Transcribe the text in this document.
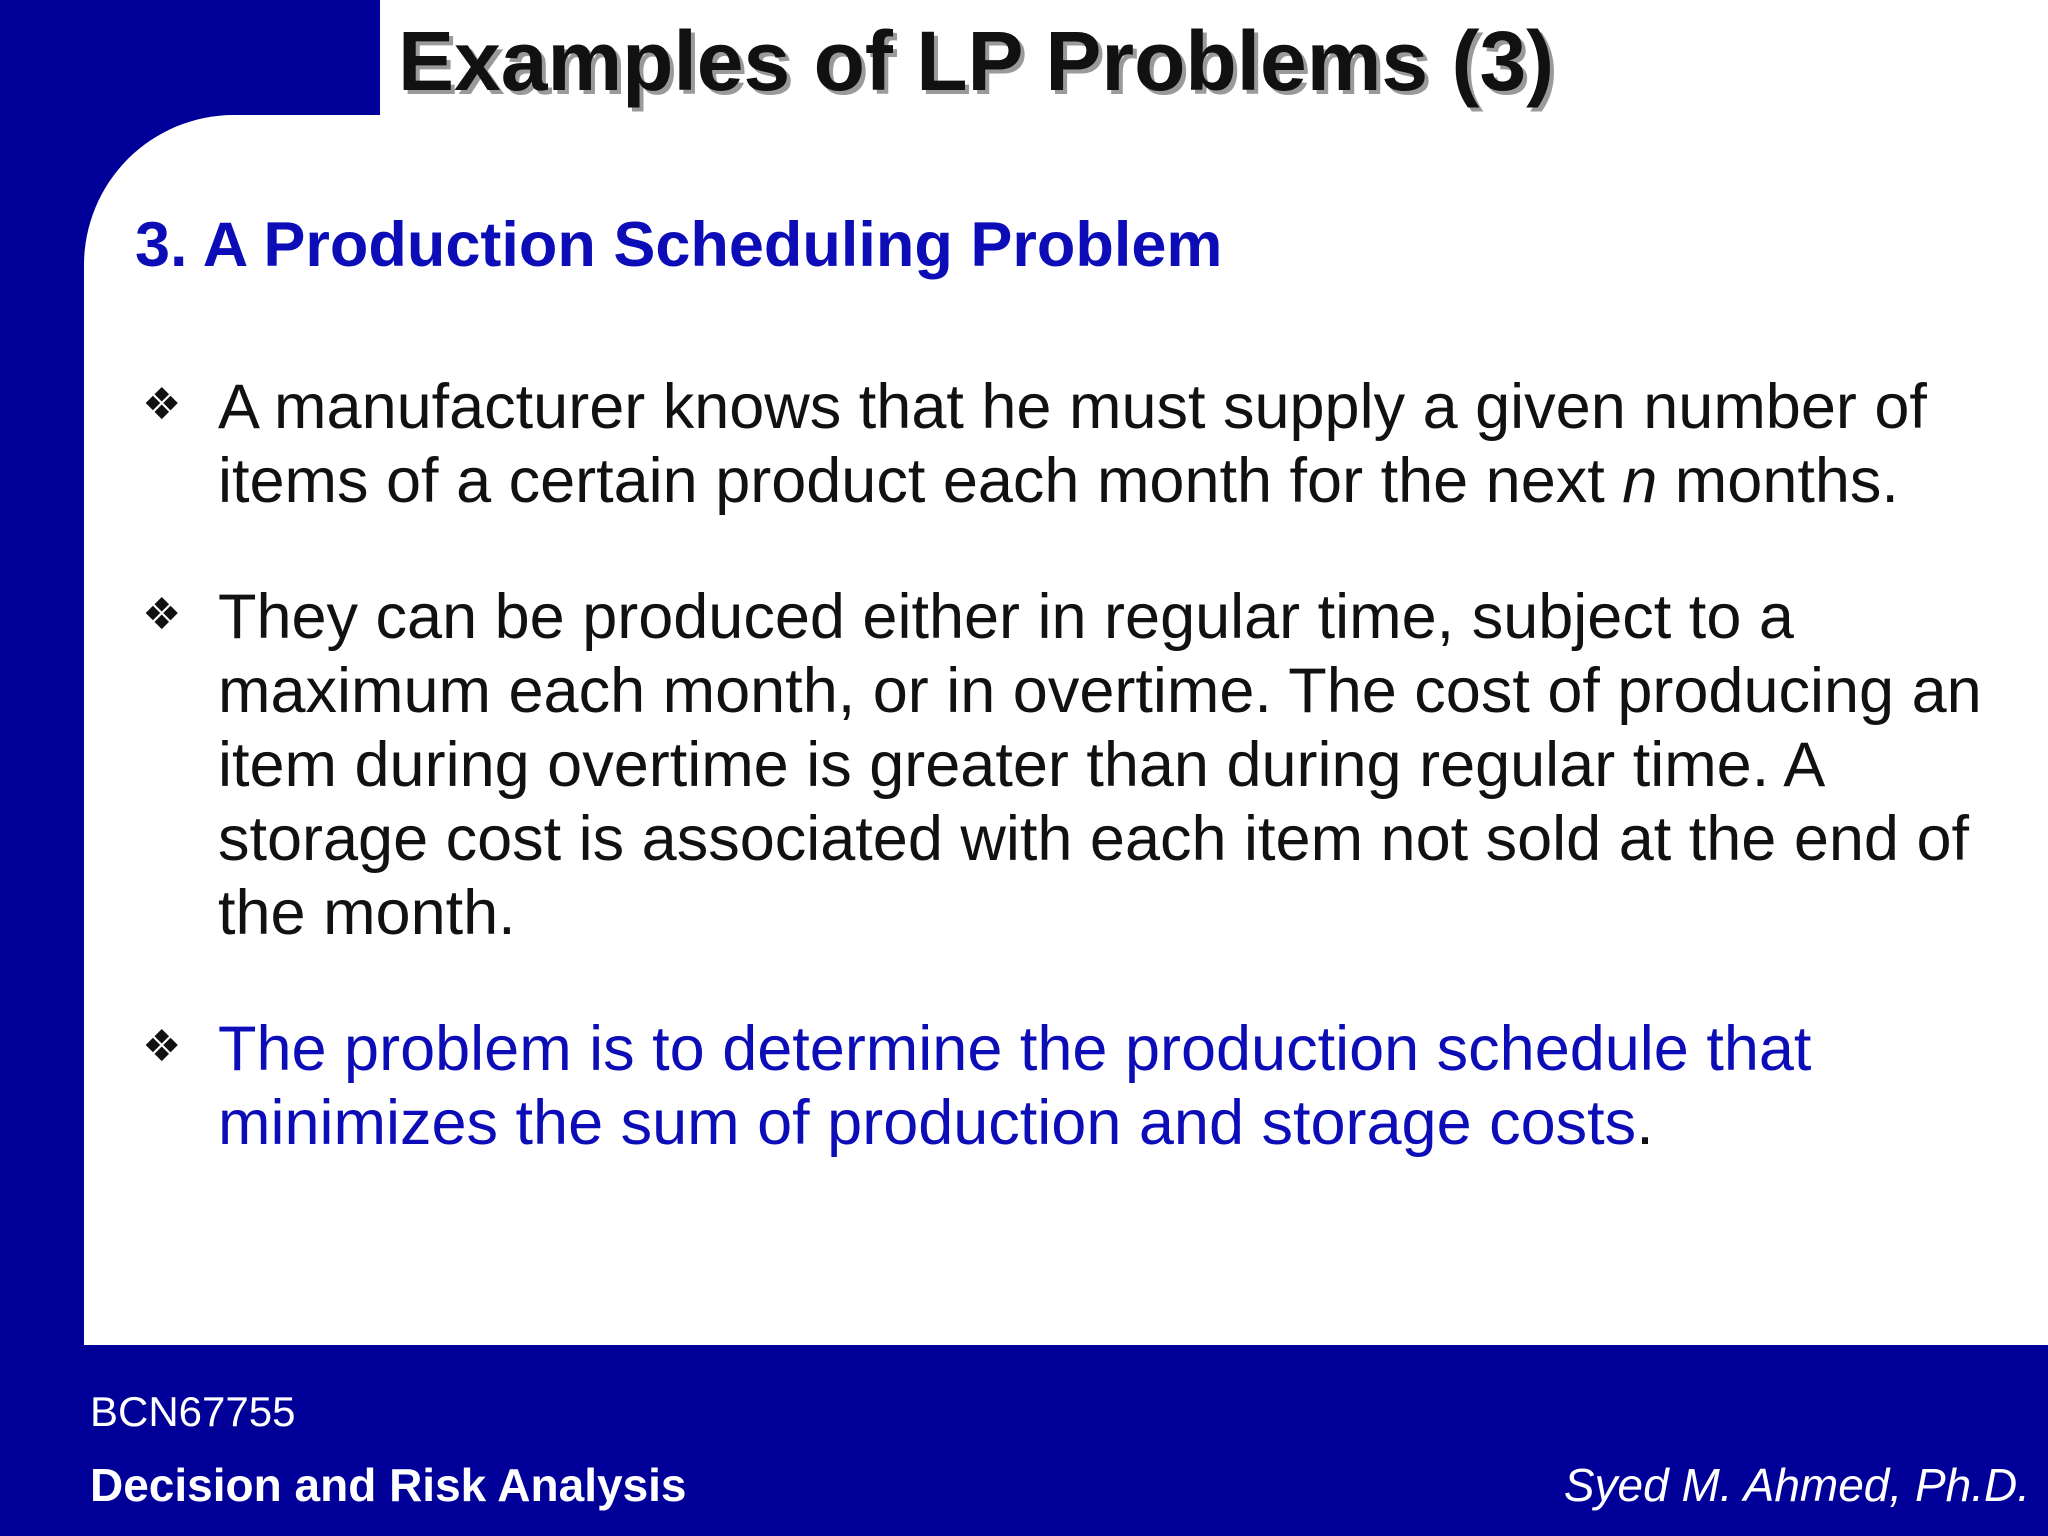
Examples of LP Problems (3)
3. A Production Scheduling Problem
❖ A manufacturer knows that he must supply a given number of items of a certain product each month for the next n months.
❖ They can be produced either in regular time, subject to a maximum each month, or in overtime. The cost of producing an item during overtime is greater than during regular time. A storage cost is associated with each item not sold at the end of the month.
❖ The problem is to determine the production schedule that minimizes the sum of production and storage costs.
BCN67755
Decision and Risk Analysis	Syed M. Ahmed, Ph.D.
